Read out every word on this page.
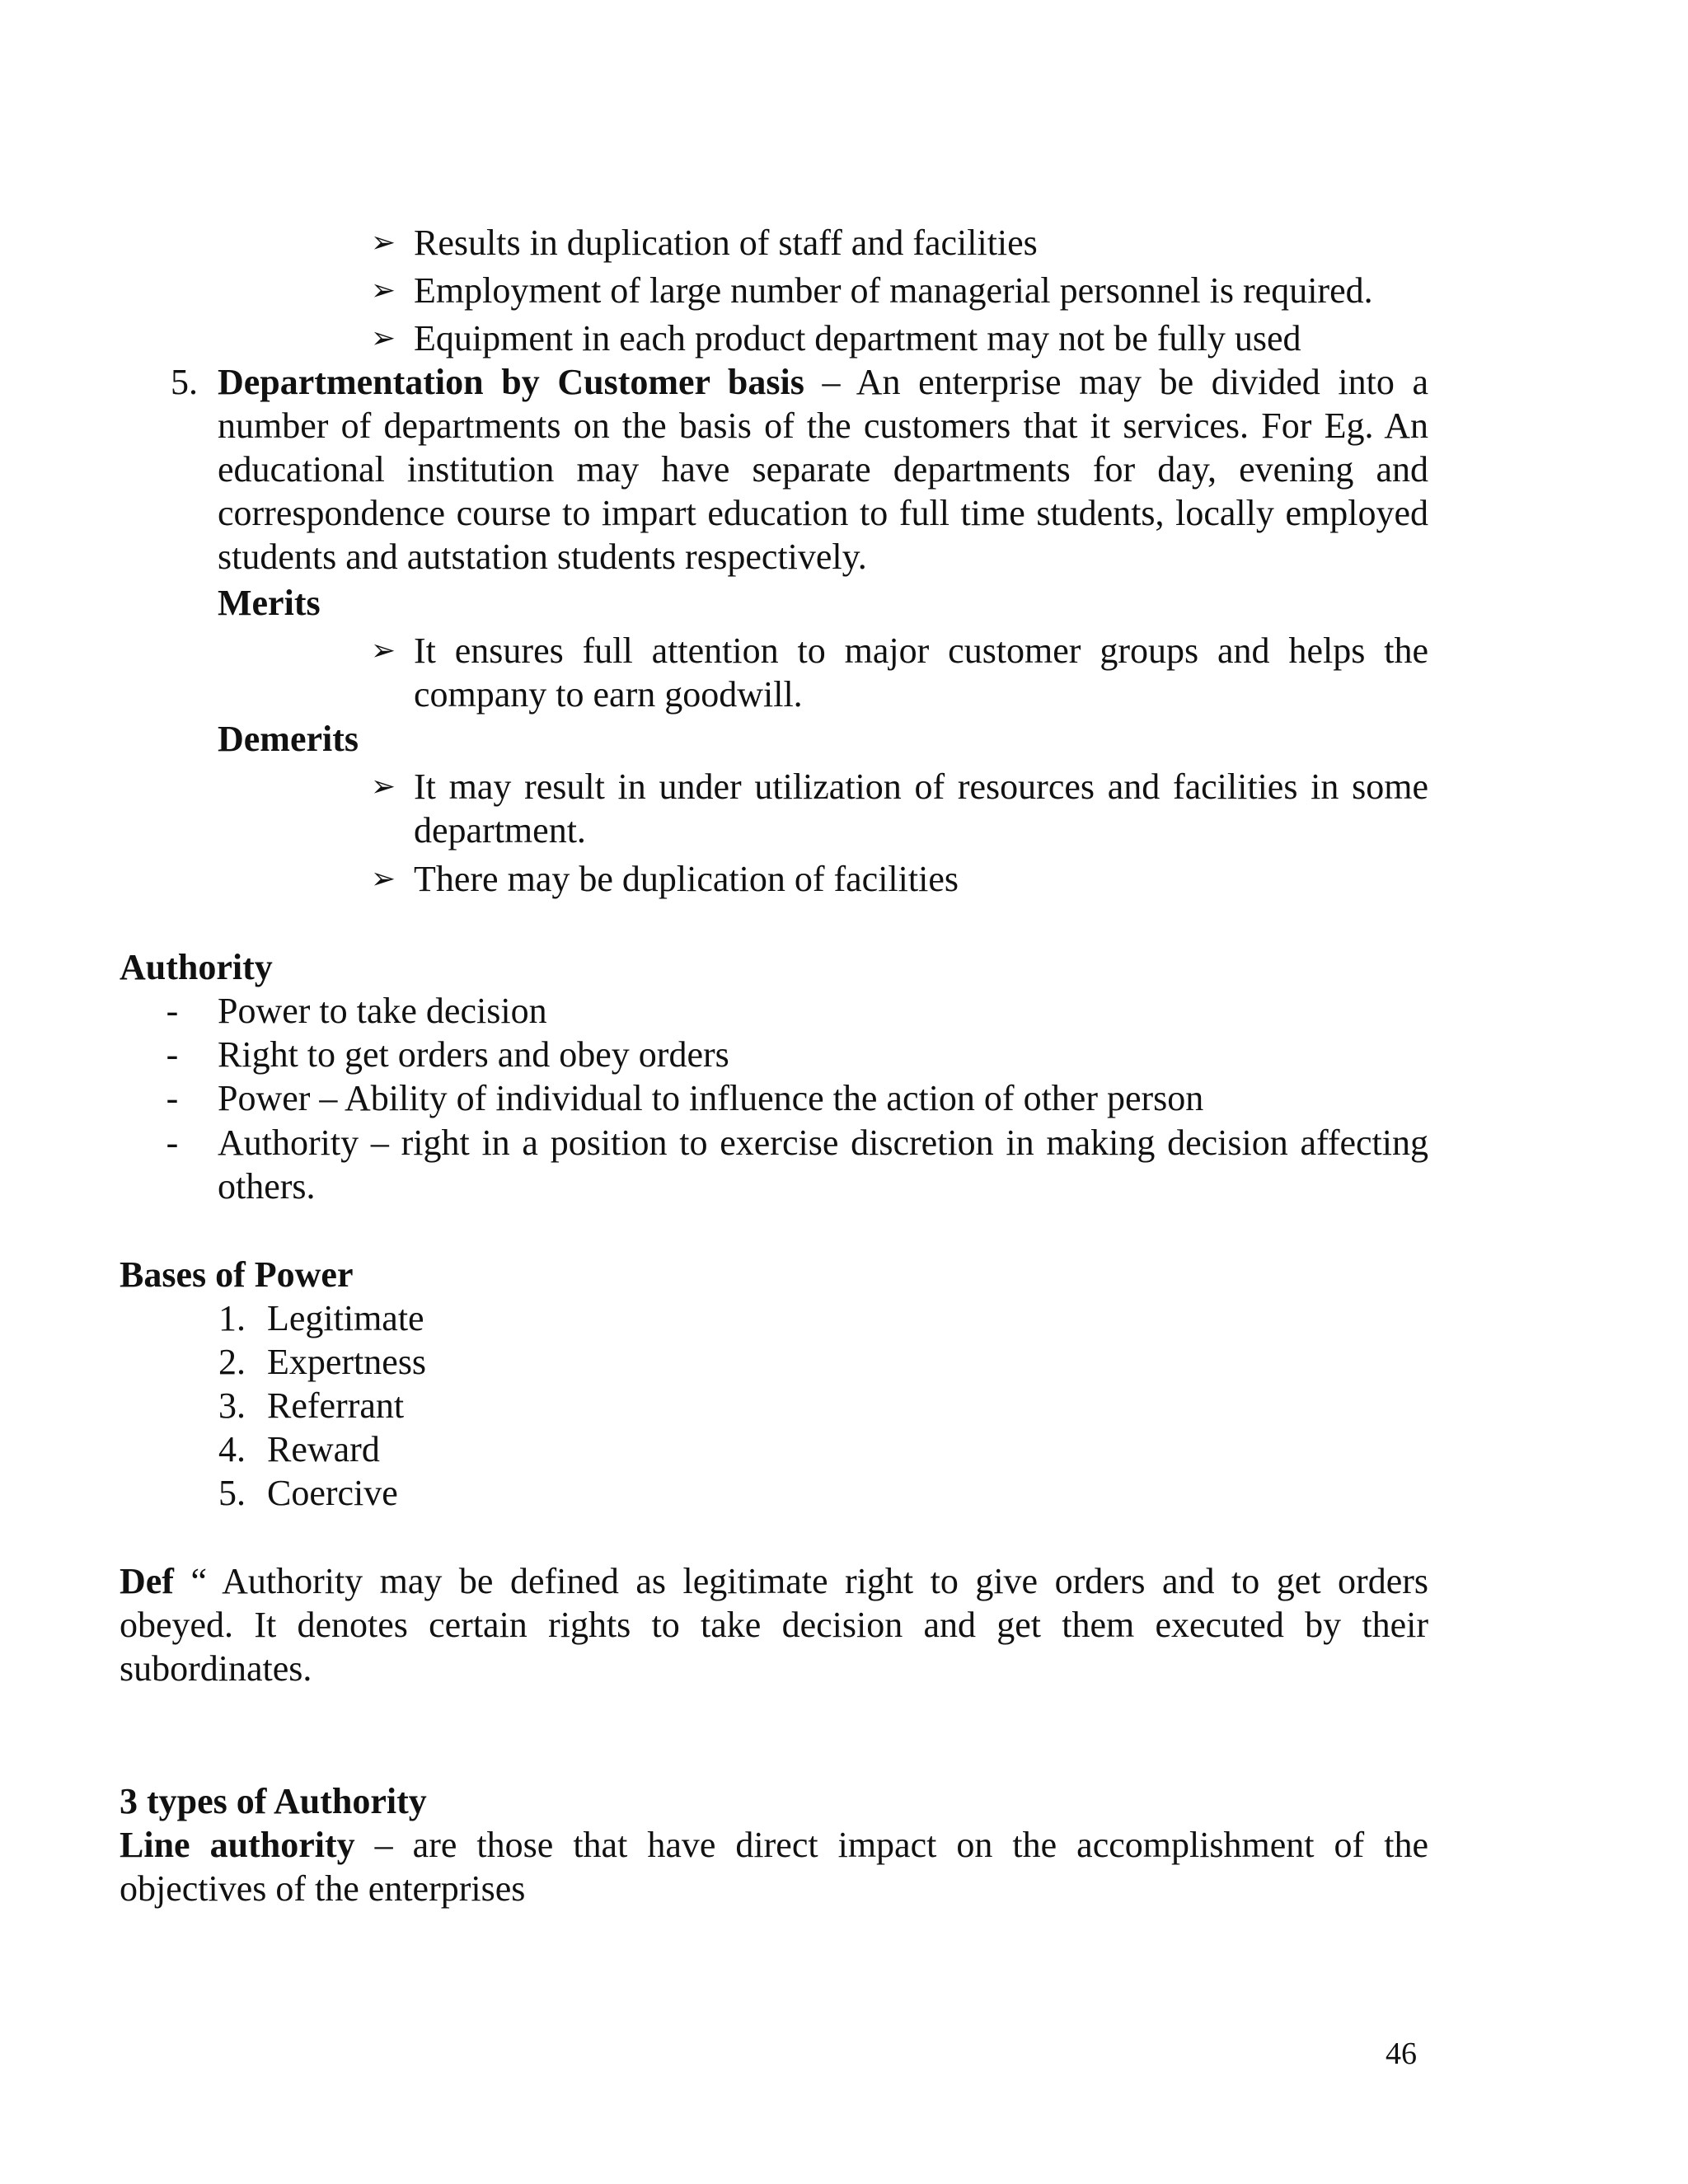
➢ Results in duplication of staff and facilities
➢ Employment of large number of managerial personnel is required.
➢ Equipment in each product department may not be fully used
5. Departmentation by Customer basis – An enterprise may be divided into a number of departments on the basis of the customers that it services. For Eg. An educational institution may have separate departments for day, evening and correspondence course to impart education to full time students, locally employed students and autstation students respectively.
Merits
➢ It ensures full attention to major customer groups and helps the company to earn goodwill.
Demerits
➢ It may result in under utilization of resources and facilities in some department.
➢ There may be duplication of facilities
Authority
- Power to take decision
- Right to get orders and obey orders
- Power – Ability of individual to influence the action of other person
- Authority – right in a position to exercise discretion in making decision affecting others.
Bases of Power
1. Legitimate
2. Expertness
3. Referrant
4. Reward
5. Coercive
Def “ Authority may be defined as legitimate right to give orders and to get orders obeyed. It denotes certain rights to take decision and get them executed by their subordinates.
3 types of Authority
Line authority – are those that have direct impact on the accomplishment of the objectives of the enterprises
46
